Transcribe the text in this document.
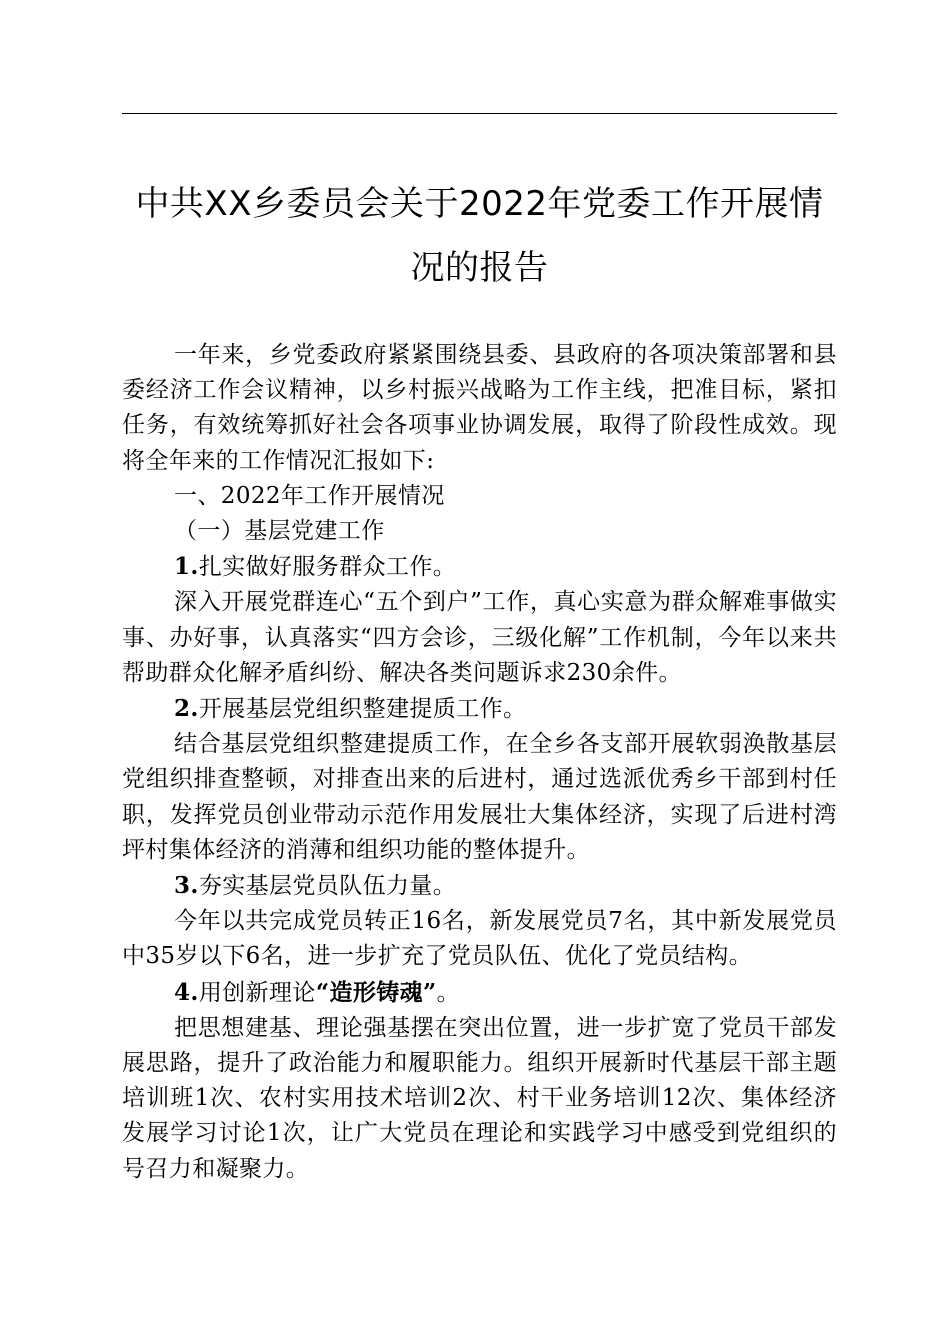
中共XX乡委员会关于2022年党委工作开展情
况的报告

一年来，乡党委政府紧紧围绕县委、县政府的各项决策部署和县委经济工作会议精神，以乡村振兴战略为工作主线，把准目标，紧扣任务，有效统筹抓好社会各项事业协调发展，取得了阶段性成效。现将全年来的工作情况汇报如下:

一、2022年工作开展情况

（一）基层党建工作

1.扎实做好服务群众工作。

深入开展党群连心“五个到户”工作，真心实意为群众解难事做实事、办好事，认真落实“四方会诊，三级化解”工作机制，今年以来共帮助群众化解矛盾纠纷、解决各类问题诉求230余件。

2.开展基层党组织整建提质工作。

结合基层党组织整建提质工作，在全乡各支部开展软弱涣散基层党组织排查整顿，对排查出来的后进村，通过选派优秀乡干部到村任职，发挥党员创业带动示范作用发展壮大集体经济，实现了后进村湾坪村集体经济的消薄和组织功能的整体提升。

3.夯实基层党员队伍力量。

今年以共完成党员转正16名，新发展党员7名，其中新发展党员中35岁以下6名，进一步扩充了党员队伍、优化了党员结构。

4.用创新理论“造形铸魂”。

把思想建基、理论强基摆在突出位置，进一步扩宽了党员干部发展思路，提升了政治能力和履职能力。组织开展新时代基层干部主题培训班1次、农村实用技术培训2次、村干业务培训12次、集体经济发展学习讨论1次，让广大党员在理论和实践学习中感受到党组织的号召力和凝聚力。
